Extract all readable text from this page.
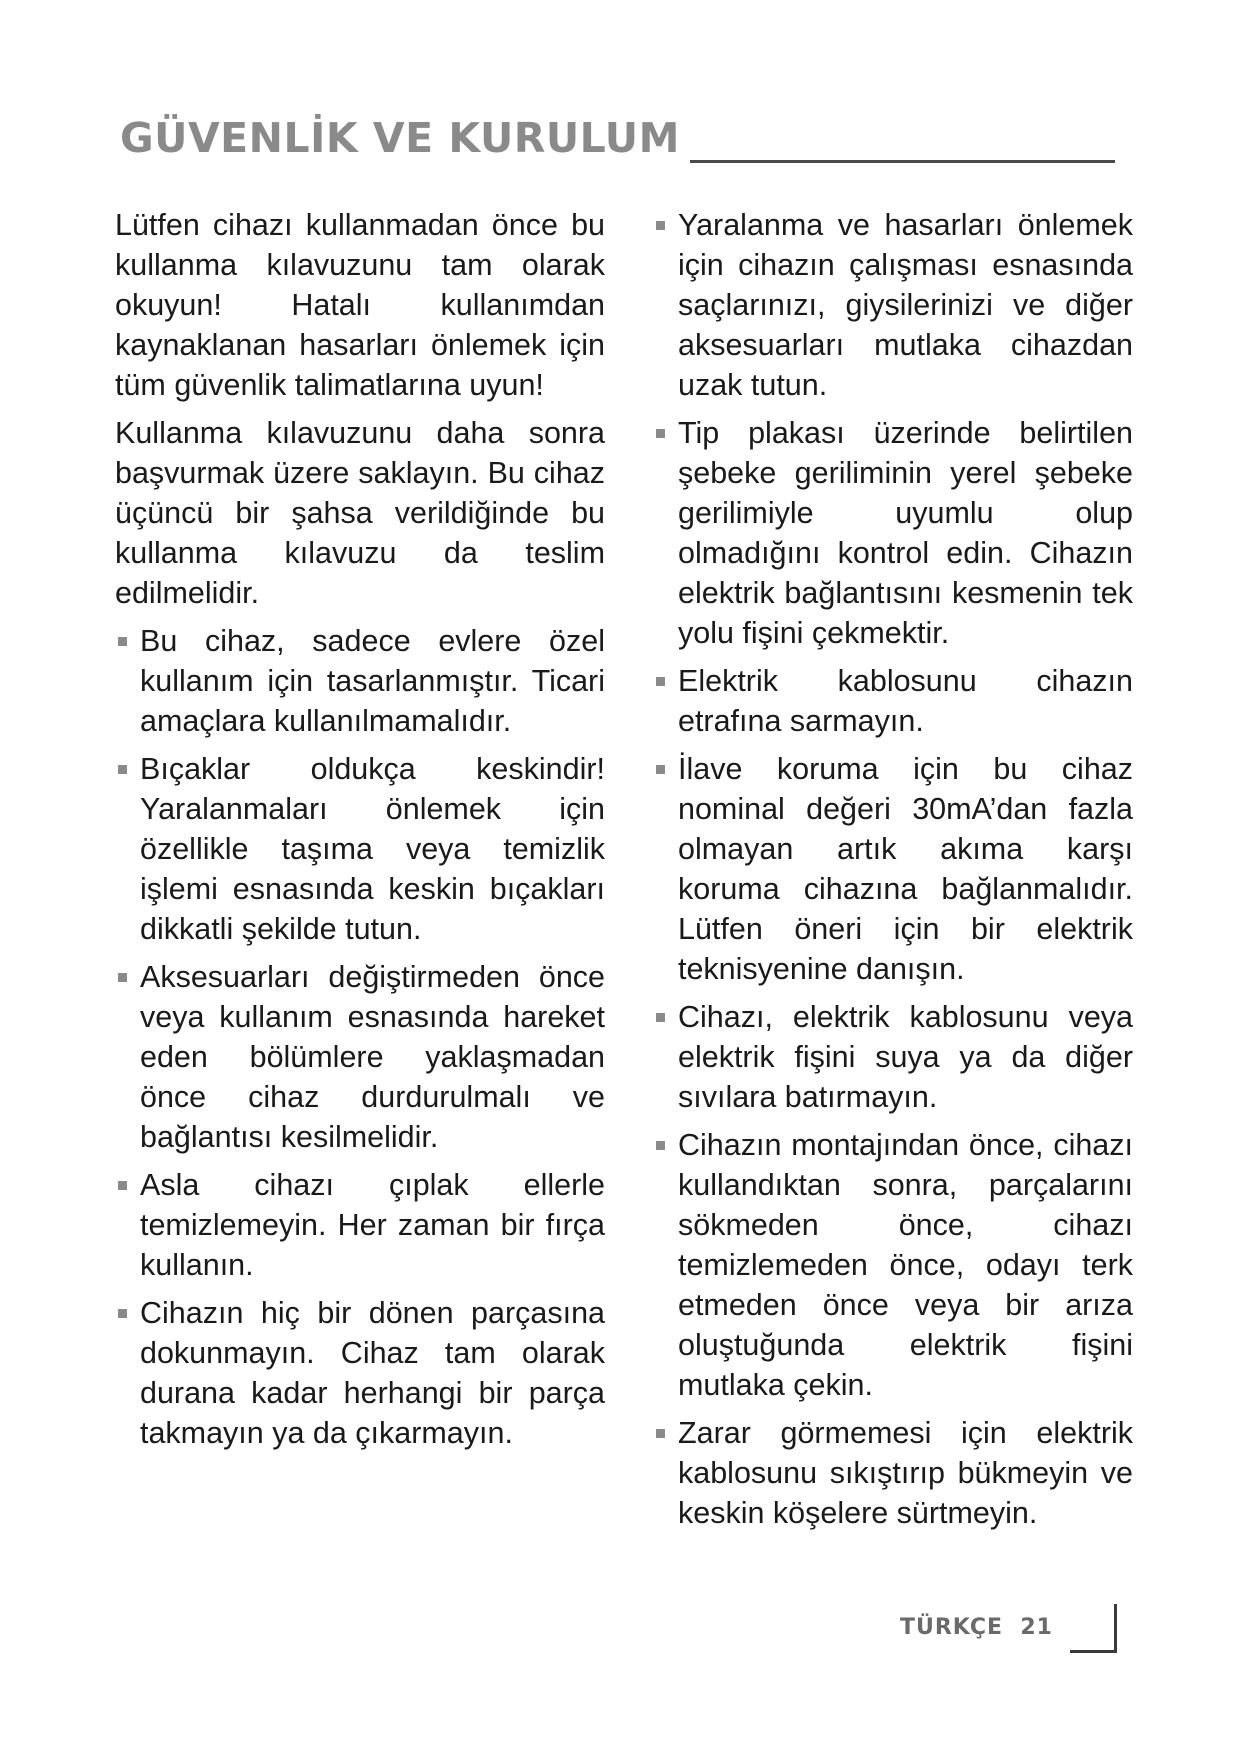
GÜVENLİK VE KURULUM

Lütfen cihazı kullanmadan önce bu kullanma kılavuzunu tam olarak okuyun! Hatalı kullanımdan kaynaklanan hasarları önlemek için tüm güvenlik talimatlarına uyun!

Kullanma kılavuzunu daha sonra başvurmak üzere saklayın. Bu cihaz üçüncü bir şahsa verildiğinde bu kullanma kılavuzu da teslim edilmelidir.

Bu cihaz, sadece evlere özel kullanım için tasarlanmıştır. Ticari amaçlara kullanılmamalıdır.
Bıçaklar oldukça keskindir! Yaralanmaları önlemek için özellikle taşıma veya temizlik işlemi esnasında keskin bıçakları dikkatli şekilde tutun.
Aksesuarları değiştirmeden önce veya kullanım esnasında hareket eden bölümlere yaklaşmadan önce cihaz durdurulmalı ve bağlantısı kesilmelidir.
Asla cihazı çıplak ellerle temizlemeyin. Her zaman bir fırça kullanın.
Cihazın hiç bir dönen parçasına dokunmayın. Cihaz tam olarak durana kadar herhangi bir parça takmayın ya da çıkarmayın.
Yaralanma ve hasarları önlemek için cihazın çalışması esnasında saçlarınızı, giysilerinizi ve diğer aksesuarları mutlaka cihazdan uzak tutun.
Tip plakası üzerinde belirtilen şebeke geriliminin yerel şebeke gerilimiyle uyumlu olup olmadığını kontrol edin. Cihazın elektrik bağlantısını kesmenin tek yolu fişini çekmektir.
Elektrik kablosunu cihazın etrafına sarmayın.
İlave koruma için bu cihaz nominal değeri 30mA’dan fazla olmayan artık akıma karşı koruma cihazına bağlanmalıdır. Lütfen öneri için bir elektrik teknisyenine danışın.
Cihazı, elektrik kablosunu veya elektrik fişini suya ya da diğer sıvılara batırmayın.
Cihazın montajından önce, cihazı kullandıktan sonra, parçalarını sökmeden önce, cihazı temizlemeden önce, odayı terk etmeden önce veya bir arıza oluştuğunda elektrik fişini mutlaka çekin.
Zarar görmemesi için elektrik kablosunu sıkıştırıp bükmeyin ve keskin köşelere sürtmeyin.
TÜRKÇE  21
